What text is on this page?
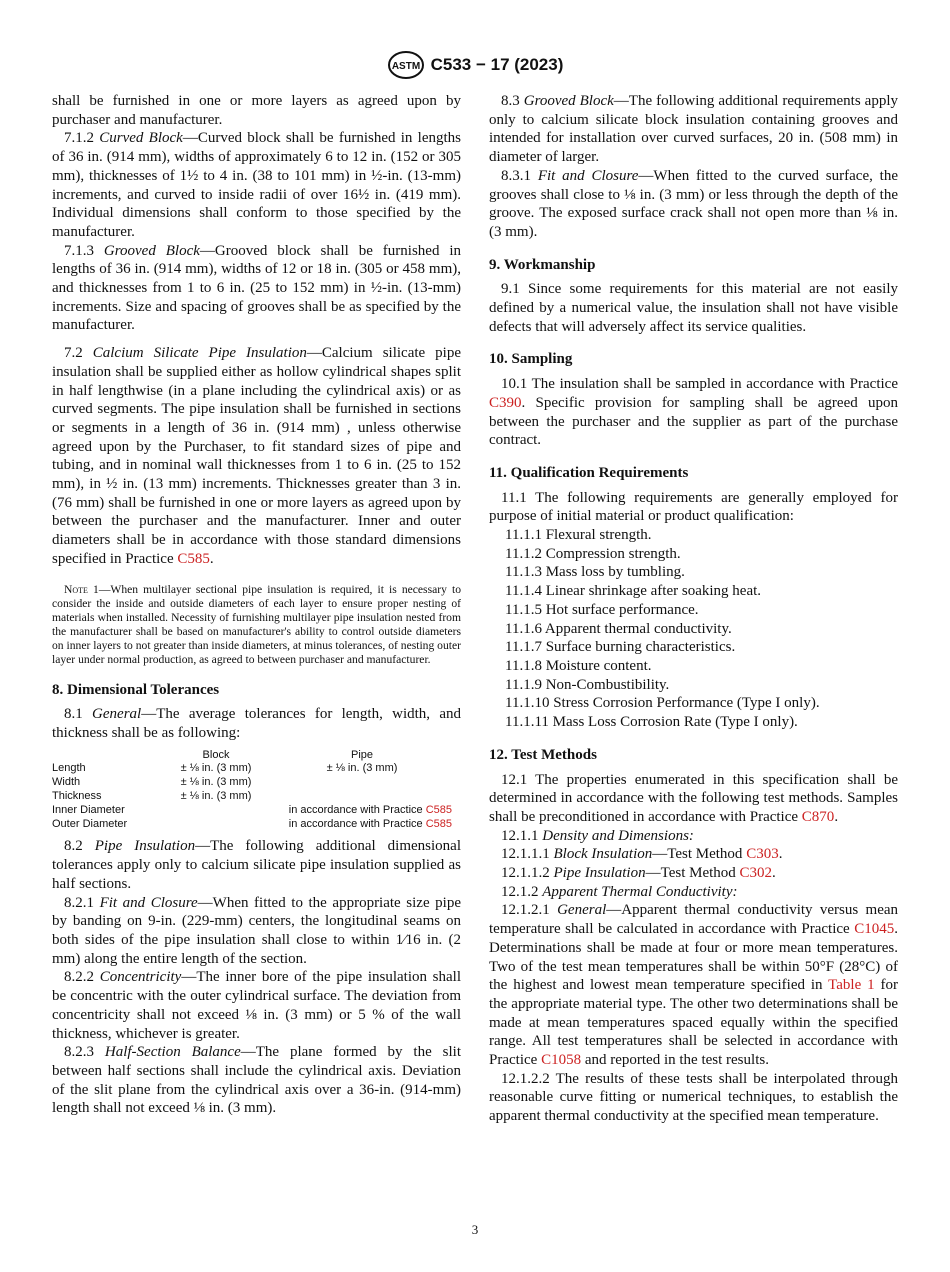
ASTM C533 − 17 (2023)

shall be furnished in one or more layers as agreed upon by purchaser and manufacturer.

7.1.2 Curved Block—Curved block shall be furnished in lengths of 36 in. (914 mm), widths of approximately 6 to 12 in. (152 or 305 mm), thicknesses of 1½ to 4 in. (38 to 101 mm) in ½-in. (13-mm) increments, and curved to inside radii of over 16½ in. (419 mm). Individual dimensions shall conform to those specified by the manufacturer.

7.1.3 Grooved Block—Grooved block shall be furnished in lengths of 36 in. (914 mm), widths of 12 or 18 in. (305 or 458 mm), and thicknesses from 1 to 6 in. (25 to 152 mm) in ½-in. (13-mm) increments. Size and spacing of grooves shall be as specified by the manufacturer.

7.2 Calcium Silicate Pipe Insulation—Calcium silicate pipe insulation shall be supplied either as hollow cylindrical shapes split in half lengthwise (in a plane including the cylindrical axis) or as curved segments. The pipe insulation shall be furnished in sections or segments in a length of 36 in. (914 mm) , unless otherwise agreed upon by the Purchaser, to fit standard sizes of pipe and tubing, and in nominal wall thicknesses from 1 to 6 in. (25 to 152 mm), in ½ in. (13 mm) increments. Thicknesses greater than 3 in. (76 mm) shall be furnished in one or more layers as agreed upon by between the purchaser and the manufacturer. Inner and outer diameters shall be in accordance with those standard dimensions specified in Practice C585.

Note 1—When multilayer sectional pipe insulation is required, it is necessary to consider the inside and outside diameters of each layer to ensure proper nesting of materials when installed. Necessity of furnishing multilayer pipe insulation nested from the manufacturer shall be based on manufacturer's ability to control outside diameters on inner layers to not greater than inside diameters, at minus tolerances, of nesting outer layer under normal production, as agreed to between purchaser and manufacturer.

8. Dimensional Tolerances

8.1 General—The average tolerances for length, width, and thickness shall be as following:

	Block	Pipe
Length	± ⅛ in. (3 mm)	± ⅛ in. (3 mm)
Width	± ⅛ in. (3 mm)	
Thickness	± ⅛ in. (3 mm)	
Inner Diameter	in accordance with Practice C585	
Outer Diameter	in accordance with Practice C585	

8.2 Pipe Insulation—The following additional dimensional tolerances apply only to calcium silicate pipe insulation supplied as half sections.

8.2.1 Fit and Closure—When fitted to the appropriate size pipe by banding on 9-in. (229-mm) centers, the longitudinal seams on both sides of the pipe insulation shall close to within 1⁄16 in. (2 mm) along the entire length of the section.

8.2.2 Concentricity—The inner bore of the pipe insulation shall be concentric with the outer cylindrical surface. The deviation from concentricity shall not exceed ⅛ in. (3 mm) or 5 % of the wall thickness, whichever is greater.

8.2.3 Half-Section Balance—The plane formed by the slit between half sections shall include the cylindrical axis. Deviation of the slit plane from the cylindrical axis over a 36-in. (914-mm) length shall not exceed ⅛ in. (3 mm).

8.3 Grooved Block—The following additional requirements apply only to calcium silicate block insulation containing grooves and intended for installation over curved surfaces, 20 in. (508 mm) in diameter of larger.

8.3.1 Fit and Closure—When fitted to the curved surface, the grooves shall close to ⅛ in. (3 mm) or less through the depth of the groove. The exposed surface crack shall not open more than ⅛ in. (3 mm).

9. Workmanship

9.1 Since some requirements for this material are not easily defined by a numerical value, the insulation shall not have visible defects that will adversely affect its service qualities.

10. Sampling

10.1 The insulation shall be sampled in accordance with Practice C390. Specific provision for sampling shall be agreed upon between the purchaser and the supplier as part of the purchase contract.

11. Qualification Requirements

11.1 The following requirements are generally employed for purpose of initial material or product qualification:

11.1.1 Flexural strength.

11.1.2 Compression strength.

11.1.3 Mass loss by tumbling.

11.1.4 Linear shrinkage after soaking heat.

11.1.5 Hot surface performance.

11.1.6 Apparent thermal conductivity.

11.1.7 Surface burning characteristics.

11.1.8 Moisture content.

11.1.9 Non-Combustibility.

11.1.10 Stress Corrosion Performance (Type I only).

11.1.11 Mass Loss Corrosion Rate (Type I only).

12. Test Methods

12.1 The properties enumerated in this specification shall be determined in accordance with the following test methods. Samples shall be preconditioned in accordance with Practice C870.

12.1.1 Density and Dimensions:

12.1.1.1 Block Insulation—Test Method C303.

12.1.1.2 Pipe Insulation—Test Method C302.

12.1.2 Apparent Thermal Conductivity:

12.1.2.1 General—Apparent thermal conductivity versus mean temperature shall be calculated in accordance with Practice C1045. Determinations shall be made at four or more mean temperatures. Two of the test mean temperatures shall be within 50°F (28°C) of the highest and lowest mean temperature specified in Table 1 for the appropriate material type. The other two determinations shall be made at mean temperatures spaced equally within the specified range. All test temperatures shall be selected in accordance with Practice C1058 and reported in the test results.

12.1.2.2 The results of these tests shall be interpolated through reasonable curve fitting or numerical techniques, to establish the apparent thermal conductivity at the specified mean temperature.

3
